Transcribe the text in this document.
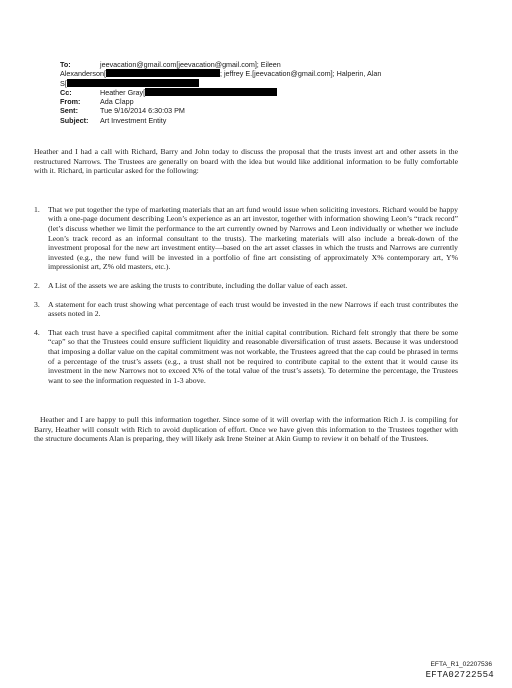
To:	jeevacation@gmail.com[jeevacation@gmail.com]; Eileen
Alexanderson[	; jeffrey E.[jeevacation@gmail.com]; Halperin, Alan
S[
Cc:	Heather Gray[
From:	Ada Clapp
Sent:	Tue 9/16/2014 6:30:03 PM
Subject: Art Investment Entity

Heather and I had a call with Richard, Barry and John today to discuss the proposal that the trusts invest art and other assets in the restructured Narrows. The Trustees are generally on board with the idea but would like additional information to be fully comfortable with it. Richard, in particular asked for the following:

1. That we put together the type of marketing materials that an art fund would issue when soliciting investors. Richard would be happy with a one-page document describing Leon’s experience as an art investor, together with information showing Leon’s “track record” (let’s discuss whether we limit the performance to the art currently owned by Narrows and Leon individually or whether we include Leon’s track record as an informal consultant to the trusts). The marketing materials will also include a break-down of the investment proposal for the new art investment entity—based on the art asset classes in which the trusts and Narrows are currently invested (e.g., the new fund will be invested in a portfolio of fine art consisting of approximately X% contemporary art, Y% impressionist art, Z% old masters, etc.).
2. A List of the assets we are asking the trusts to contribute, including the dollar value of each asset.
3. A statement for each trust showing what percentage of each trust would be invested in the new Narrows if each trust contributes the assets noted in 2.
4. That each trust have a specified capital commitment after the initial capital contribution. Richard felt strongly that there be some “cap” so that the Trustees could ensure sufficient liquidity and reasonable diversification of trust assets. Because it was understood that imposing a dollar value on the capital commitment was not workable, the Trustees agreed that the cap could be phrased in terms of a percentage of the trust’s assets (e.g., a trust shall not be required to contribute capital to the extent that it would cause its investment in the new Narrows not to exceed X% of the total value of the trust’s assets). To determine the percentage, the Trustees want to see the information requested in 1-3 above.

Heather and I are happy to pull this information together. Since some of it will overlap with the information Rich J. is compiling for Barry, Heather will consult with Rich to avoid duplication of effort. Once we have given this information to the Trustees together with the structure documents Alan is preparing, they will likely ask Irene Steiner at Akin Gump to review it on behalf of the Trustees.

EFTA_R1_02207536
EFTA02722554
